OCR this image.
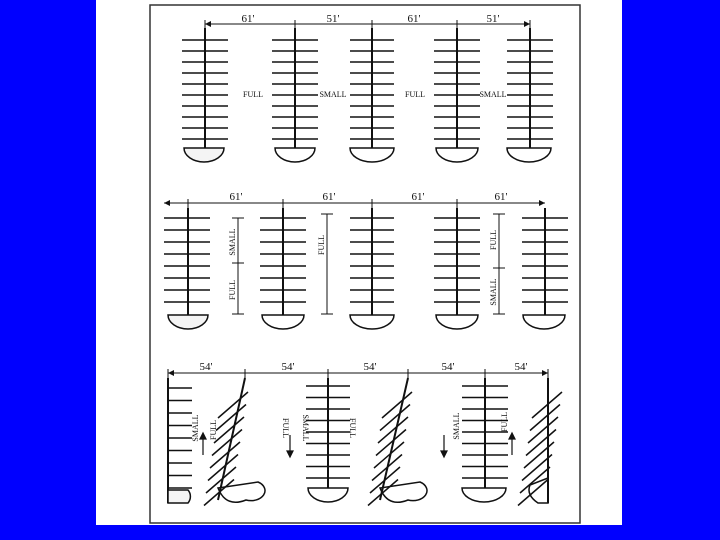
61'	51'	61'	51'
FULL	SMALL	FULL	SMALL
61'	61'	61'	61'
SMALL
FULL
FULL	FULL
SMALL
54'	54'	54'	54'	54'
SMALL FULL	FULL SMALL	FULL	SMALL	FULL
